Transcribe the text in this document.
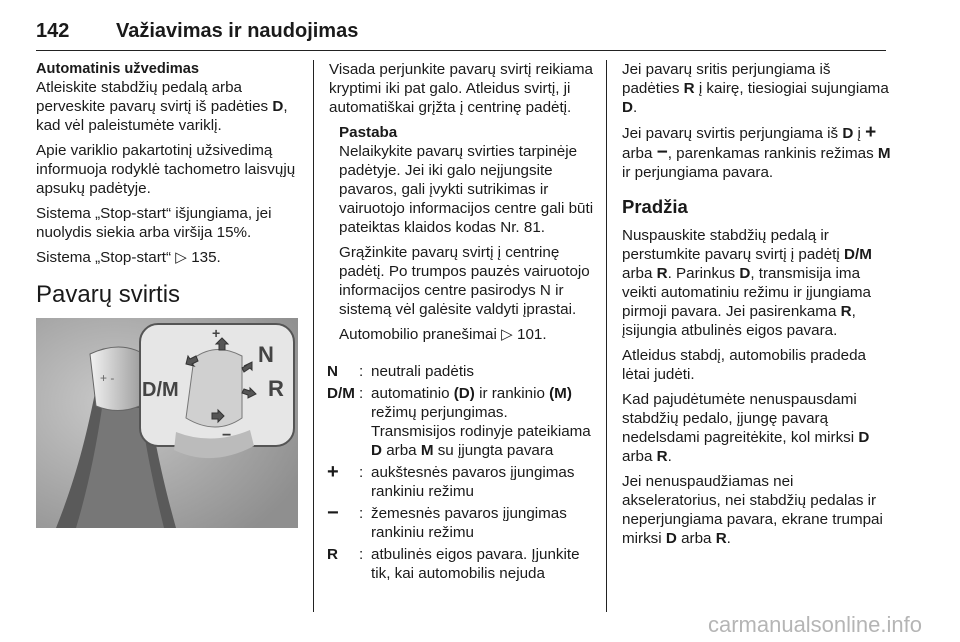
142 Važiavimas ir naudojimas

Automatinis užvedimas

Atleiskite stabdžių pedalą arba perveskite pavarų svirtį iš padėties D, kad vėl paleistumėte variklį.

Apie variklio pakartotinį užsivedimą informuoja rodyklė tachometro laisvųjų apsukų padėtyje.

Sistema „Stop-start“ išjungiama, jei nuolydis siekia arba viršija 15%.

Sistema „Stop-start“ ▷ 135.

Pavarų svirtis
+ -
D/M
N
R
+
−

Visada perjunkite pavarų svirtį reikiama kryptimi iki pat galo. Atleidus svirtį, ji automatiškai grįžta į centrinę padėtį.

Pastaba

Nelaikykite pavarų svirties tarpinėje padėtyje. Jei iki galo neįjungsite pavaros, gali įvykti sutrikimas ir vairuotojo informacijos centre gali būti pateiktas klaidos kodas Nr. 81.

Grąžinkite pavarų svirtį į centrinę padėtį. Po trumpos pauzės vairuotojo informacijos centre pasirodys N ir sistemą vėl galėsite valdyti įprastai.

Automobilio pranešimai ▷ 101.

N	:	neutrali padėtis
D/M	:	automatinio (D) ir rankinio (M) režimų perjungimas. Transmisijos rodinyje pateikiama D arba M su įjungta pavara
+	:	aukštesnės pavaros įjungimas rankiniu režimu
−	:	žemesnės pavaros įjungimas rankiniu režimu
R	:	atbulinės eigos pavara. Įjunkite tik, kai automobilis nejuda

Jei pavarų sritis perjungiama iš padėties R į kairę, tiesiogiai sujungiama D.

Jei pavarų svirtis perjungiama iš D į + arba −, parenkamas rankinis režimas M ir perjungiama pavara.

Pradžia

Nuspauskite stabdžių pedalą ir perstumkite pavarų svirtį į padėtį D/M arba R. Parinkus D, transmisija ima veikti automatiniu režimu ir įjungiama pirmoji pavara. Jei pasirenkama R, įsijungia atbulinės eigos pavara.

Atleidus stabdį, automobilis pradeda lėtai judėti.

Kad pajudėtumėte nenuspausdami stabdžių pedalo, įjungę pavarą nedelsdami pagreitėkite, kol mirksi D arba R.

Jei nenuspaudžiamas nei akseleratorius, nei stabdžių pedalas ir neperjungiama pavara, ekrane trumpai mirksi D arba R.

carmanualsonline.info
